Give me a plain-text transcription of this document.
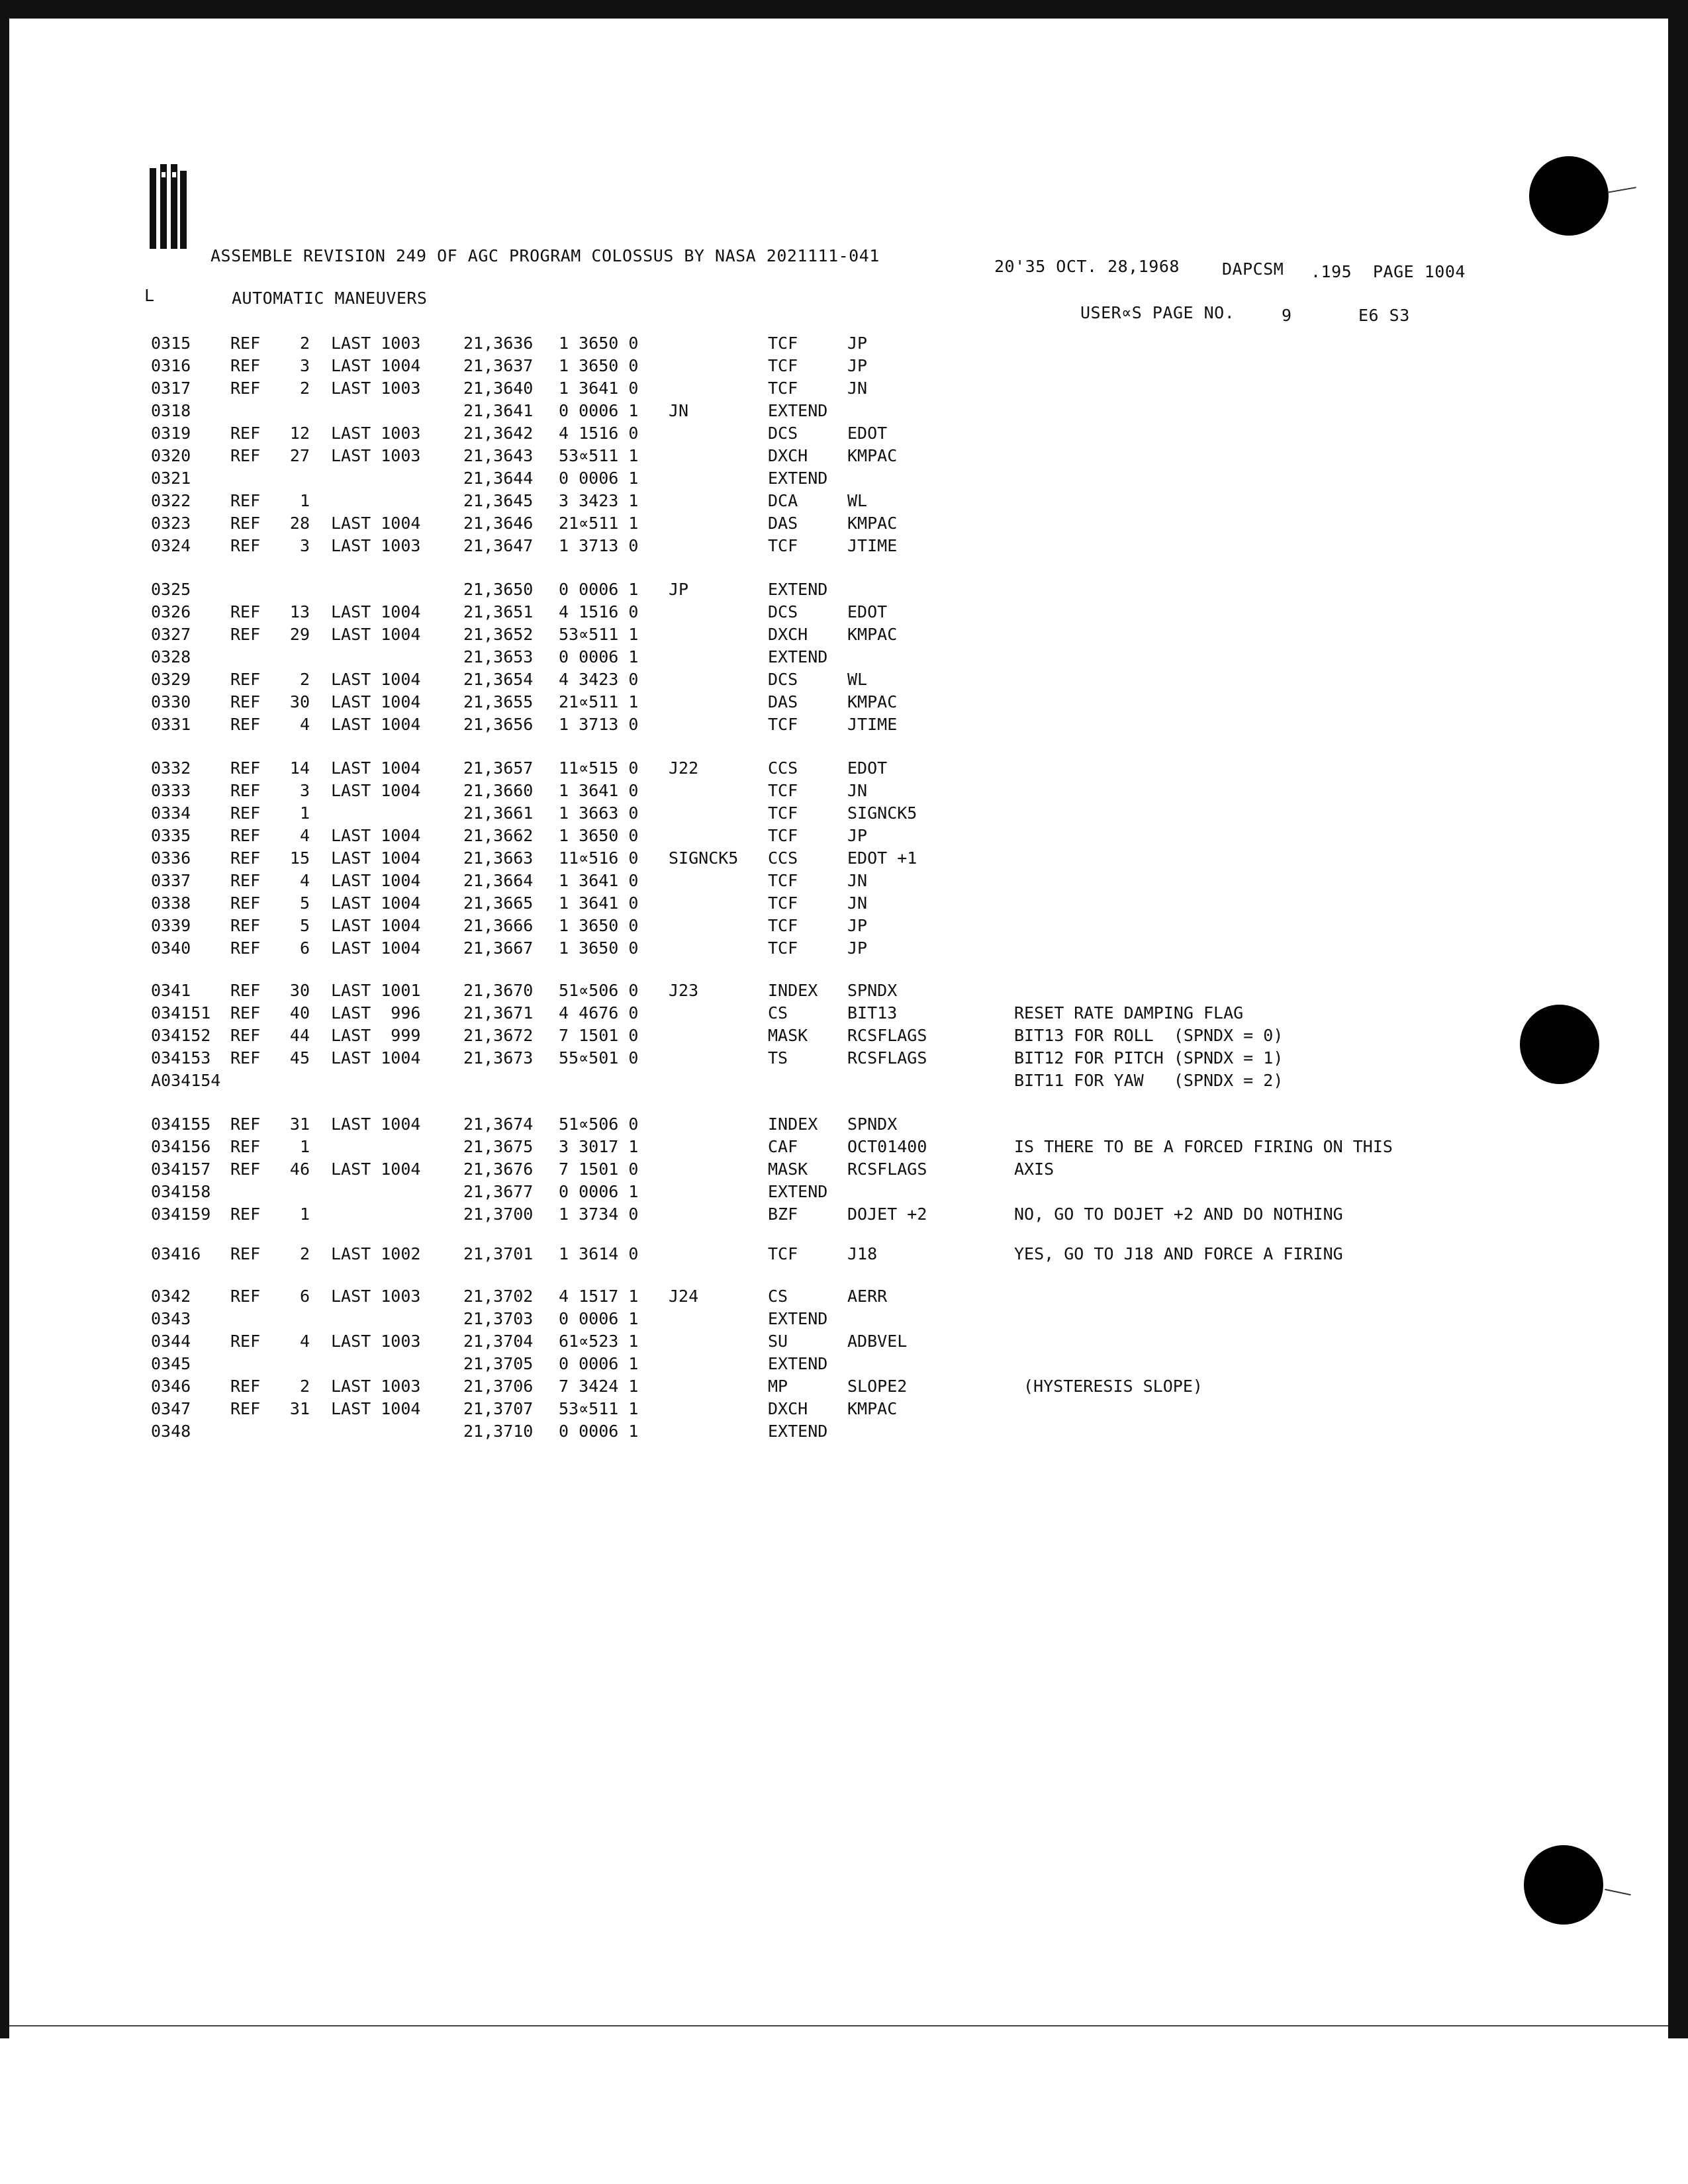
ASSEMBLE REVISION 249 OF AGC PROGRAM COLOSSUS BY NASA 2021111-041
20'35 OCT. 28,1968	DAPCSM .195 PAGE 1004
L	AUTOMATIC MANEUVERS
USER∝S PAGE NO.	9	E6 S3
0315 REF	2 LAST 1003	21,3636 1 3650 0	TCF	JP
0316 REF	3 LAST 1004	21,3637 1 3650 0	TCF	JP
0317 REF	2 LAST 1003	21,3640 1 3641 0	TCF	JN
0318	21,3641 0 0006 1 JN	EXTEND
0319 REF	12 LAST 1003	21,3642 4 1516 0	DCS	EDOT
0320 REF	27 LAST 1003	21,3643 53∝511 1	DXCH KMPAC
0321	21,3644 0 0006 1	EXTEND
0322 REF	1	21,3645 3 3423 1	DCA	WL
0323 REF	28 LAST 1004	21,3646 21∝511 1	DAS	KMPAC
0324 REF	3 LAST 1003	21,3647 1 3713 0	TCF	JTIME
0325	21,3650 0 0006 1 JP	EXTEND
0326 REF	13 LAST 1004	21,3651 4 1516 0	DCS	EDOT
0327 REF	29 LAST 1004	21,3652 53∝511 1	DXCH KMPAC
0328	21,3653 0 0006 1	EXTEND
0329 REF	2 LAST 1004	21,3654 4 3423 0	DCS	WL
0330 REF	30 LAST 1004	21,3655 21∝511 1	DAS	KMPAC
0331 REF	4 LAST 1004	21,3656 1 3713 0	TCF	JTIME
0332 REF	14 LAST 1004	21,3657 11∝515 0 J22	CCS	EDOT
0333 REF	3 LAST 1004	21,3660 1 3641 0	TCF	JN
0334 REF	1	21,3661 1 3663 0	TCF	SIGNCK5
0335 REF	4 LAST 1004	21,3662 1 3650 0	TCF	JP
0336 REF	15 LAST 1004	21,3663 11∝516 0 SIGNCK5 CCS	EDOT +1
0337 REF	4 LAST 1004	21,3664 1 3641 0	TCF	JN
0338 REF	5 LAST 1004	21,3665 1 3641 0	TCF	JN
0339 REF	5 LAST 1004	21,3666 1 3650 0	TCF	JP
0340 REF	6 LAST 1004	21,3667 1 3650 0	TCF	JP
0341 REF	30 LAST 1001	21,3670 51∝506 0 J23	INDEX SPNDX
034151 REF	40 LAST  996	21,3671 4 4676 0	CS	BIT13	RESET RATE DAMPING FLAG
034152 REF	44 LAST  999	21,3672 7 1501 0	MASK RCSFLAGS	BIT13 FOR ROLL  (SPNDX = 0)
034153 REF	45 LAST 1004	21,3673 55∝501 0	TS	RCSFLAGS	BIT12 FOR PITCH (SPNDX = 1)
A034154	BIT11 FOR YAW   (SPNDX = 2)
034155 REF	31 LAST 1004	21,3674 51∝506 0	INDEX SPNDX
034156 REF	1	21,3675 3 3017 1	CAF	OCT01400	IS THERE TO BE A FORCED FIRING ON THIS
034157 REF	46 LAST 1004	21,3676 7 1501 0	MASK RCSFLAGS	AXIS
034158	21,3677 0 0006 1	EXTEND
034159 REF	1	21,3700 1 3734 0	BZF	DOJET +2	NO, GO TO DOJET +2 AND DO NOTHING
03416 REF	2 LAST 1002	21,3701 1 3614 0	TCF	J18	YES, GO TO J18 AND FORCE A FIRING
0342 REF	6 LAST 1003	21,3702 4 1517 1 J24	CS	AERR
0343	21,3703 0 0006 1	EXTEND
0344 REF	4 LAST 1003	21,3704 61∝523 1	SU	ADBVEL
0345	21,3705 0 0006 1	EXTEND
0346 REF	2 LAST 1003	21,3706 7 3424 1	MP	SLOPE2	(HYSTERESIS SLOPE)
0347 REF	31 LAST 1004	21,3707 53∝511 1	DXCH KMPAC
0348	21,3710 0 0006 1	EXTEND
